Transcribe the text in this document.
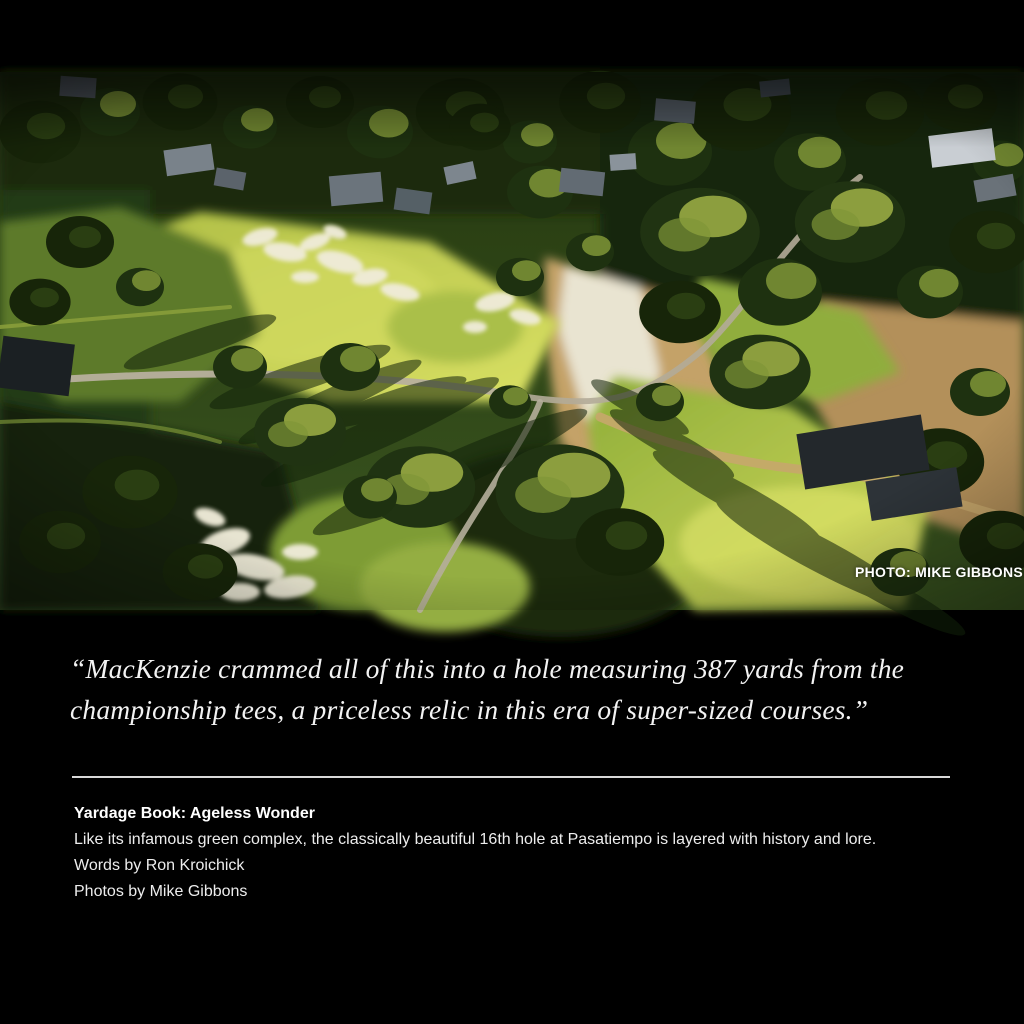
PHOTO: MIKE GIBBONS
“MacKenzie crammed all of this into a hole measuring 387 yards from the
championship tees, a priceless relic in this era of super-sized courses.”
Yardage Book: Ageless Wonder
Like its infamous green complex, the classically beautiful 16th hole at Pasatiempo is layered with history and lore.
Words by Ron Kroichick
Photos by Mike Gibbons
